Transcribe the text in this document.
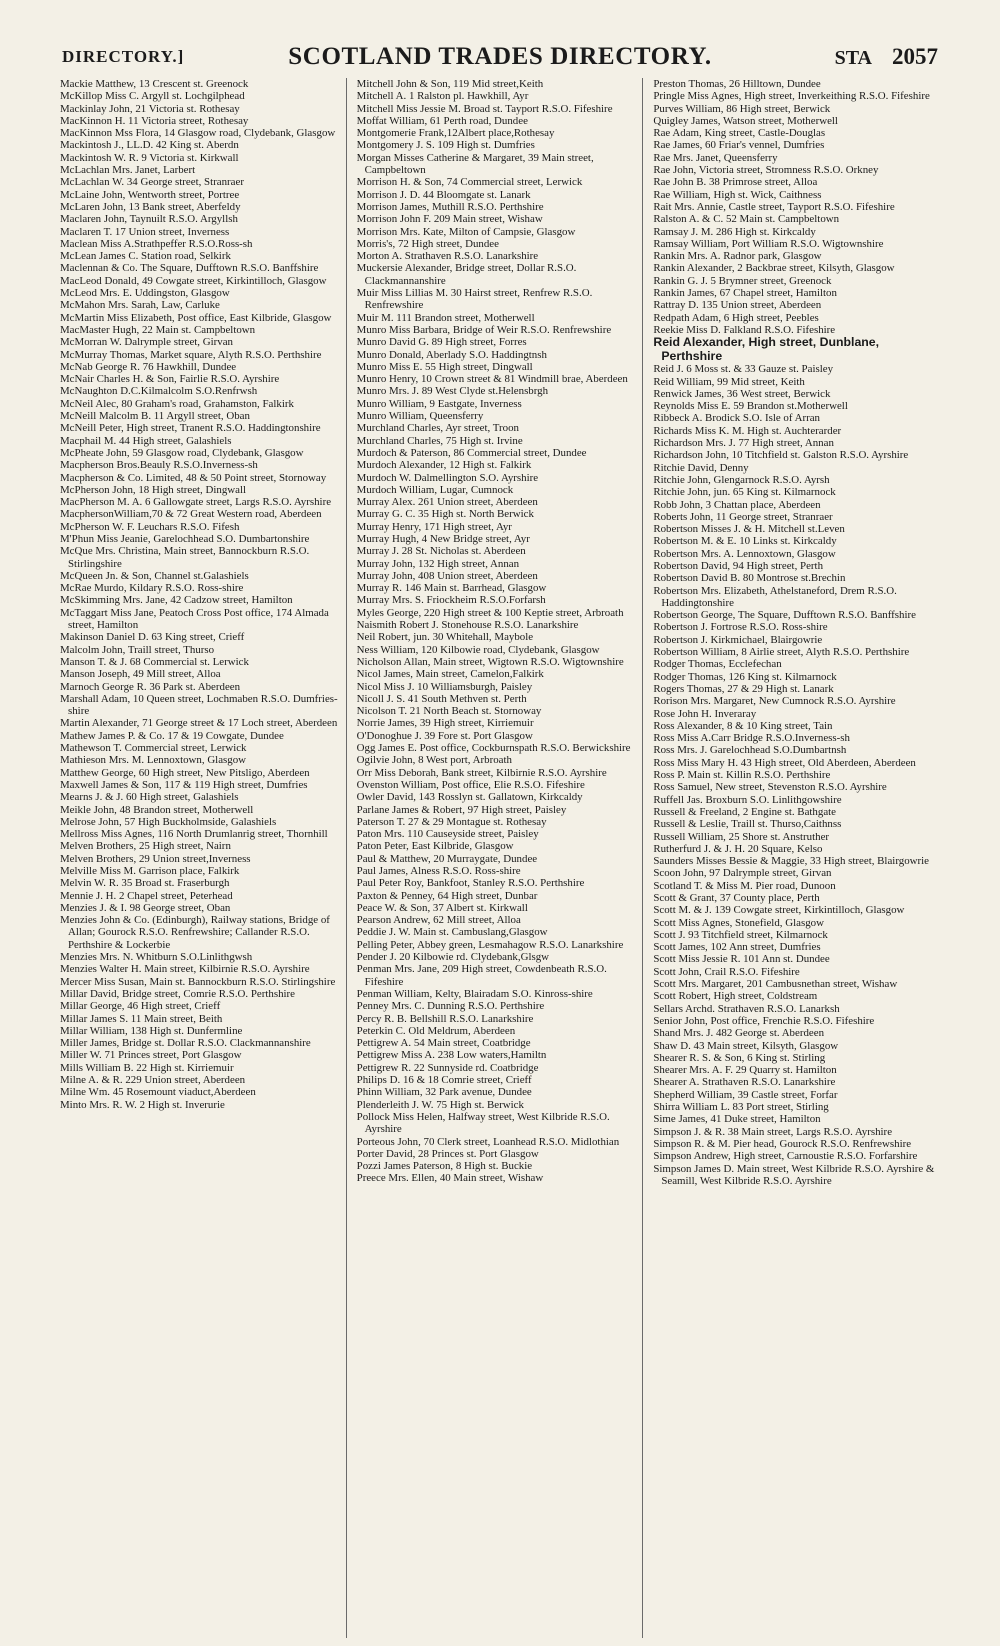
DIRECTORY.]	SCOTLAND TRADES DIRECTORY.	STA 2057

Mackie Matthew, 13 Crescent st. Greenock

McKillop Miss C. Argyll st. Lochgilphead

Mackinlay John, 21 Victoria st. Rothesay

MacKinnon H. 11 Victoria street, Rothesay

MacKinnon Mss Flora, 14 Glasgow road, Clydebank, Glasgow

Mackintosh J., LL.D. 42 King st. Aberdn

Mackintosh W. R. 9 Victoria st. Kirkwall

McLachlan Mrs. Janet, Larbert

McLachlan W. 34 George street, Stranraer

McLaine John, Wentworth street, Portree

McLaren John, 13 Bank street, Aberfeldy

Maclaren John, Taynuilt R.S.O. Argyllsh

Maclaren T. 17 Union street, Inverness

Maclean Miss A.Strathpeffer R.S.O.Ross-sh

McLean James C. Station road, Selkirk

Maclennan & Co. The Square, Dufftown R.S.O. Banffshire

MacLeod Donald, 49 Cowgate street, Kirkintilloch, Glasgow

McLeod Mrs. E. Uddingston, Glasgow

McMahon Mrs. Sarah, Law, Carluke

McMartin Miss Elizabeth, Post office, East Kilbride, Glasgow

MacMaster Hugh, 22 Main st. Campbeltown

McMorran W. Dalrymple street, Girvan

McMurray Thomas, Market square, Alyth R.S.O. Perthshire

McNab George R. 76 Hawkhill, Dundee

McNair Charles H. & Son, Fairlie R.S.O. Ayrshire

McNaughton D.C.Kilmalcolm S.O.Renfrwsh

McNeil Alec, 80 Graham's road, Grahamston, Falkirk

McNeill Malcolm B. 11 Argyll street, Oban

McNeill Peter, High street, Tranent R.S.O. Haddingtonshire

Macphail M. 44 High street, Galashiels

McPheate John, 59 Glasgow road, Clydebank, Glasgow

Macpherson Bros.Beauly R.S.O.Inverness-sh

Macpherson & Co. Limited, 48 & 50 Point street, Stornoway

McPherson John, 18 High street, Dingwall

MacPherson M. A. 6 Gallowgate street, Largs R.S.O. Ayrshire

MacphersonWilliam,70 & 72 Great Western road, Aberdeen

McPherson W. F. Leuchars R.S.O. Fifesh

M'Phun Miss Jeanie, Garelochhead S.O. Dumbartonshire

McQue Mrs. Christina, Main street, Bannockburn R.S.O. Stirlingshire

McQueen Jn. & Son, Channel st.Galashiels

McRae Murdo, Kildary R.S.O. Ross-shire

McSkimming Mrs. Jane, 42 Cadzow street, Hamilton

McTaggart Miss Jane, Peatoch Cross Post office, 174 Almada street, Hamilton

Makinson Daniel D. 63 King street, Crieff

Malcolm John, Traill street, Thurso

Manson T. & J. 68 Commercial st. Lerwick

Manson Joseph, 49 Mill street, Alloa

Marnoch George R. 36 Park st. Aberdeen

Marshall Adam, 10 Queen street, Lochmaben R.S.O. Dumfries-shire

Martin Alexander, 71 George street & 17 Loch street, Aberdeen

Mathew James P. & Co. 17 & 19 Cowgate, Dundee

Mathewson T. Commercial street, Lerwick

Mathieson Mrs. M. Lennoxtown, Glasgow

Matthew George, 60 High street, New Pitsligo, Aberdeen

Maxwell James & Son, 117 & 119 High street, Dumfries

Mearns J. & J. 60 High street, Galashiels

Meikle John, 48 Brandon street, Motherwell

Melrose John, 57 High Buckholmside, Galashiels

Mellross Miss Agnes, 116 North Drumlanrig street, Thornhill

Melven Brothers, 25 High street, Nairn

Melven Brothers, 29 Union street,Inverness

Melville Miss M. Garrison place, Falkirk

Melvin W. R. 35 Broad st. Fraserburgh

Mennie J. H. 2 Chapel street, Peterhead

Menzies J. & I. 98 George street, Oban

Menzies John & Co. (Edinburgh), Railway stations, Bridge of Allan; Gourock R.S.O. Renfrewshire; Callander R.S.O. Perthshire & Lockerbie

Menzies Mrs. N. Whitburn S.O.Linlithgwsh

Menzies Walter H. Main street, Kilbirnie R.S.O. Ayrshire

Mercer Miss Susan, Main st. Bannockburn R.S.O. Stirlingshire

Millar David, Bridge street, Comrie R.S.O. Perthshire

Millar George, 46 High street, Crieff

Millar James S. 11 Main street, Beith

Millar William, 138 High st. Dunfermline

Miller James, Bridge st. Dollar R.S.O. Clackmannanshire

Miller W. 71 Princes street, Port Glasgow

Mills William B. 22 High st. Kirriemuir

Milne A. & R. 229 Union street, Aberdeen

Milne Wm. 45 Rosemount viaduct,Aberdeen

Minto Mrs. R. W. 2 High st. Inverurie

Mitchell John & Son, 119 Mid street,Keith

Mitchell A. 1 Ralston pl. Hawkhill, Ayr

Mitchell Miss Jessie M. Broad st. Tayport R.S.O. Fifeshire

Moffat William, 61 Perth road, Dundee

Montgomerie Frank,12Albert place,Rothesay

Montgomery J. S. 109 High st. Dumfries

Morgan Misses Catherine & Margaret, 39 Main street, Campbeltown

Morrison H. & Son, 74 Commercial street, Lerwick

Morrison J. D. 44 Bloomgate st. Lanark

Morrison James, Muthill R.S.O. Perthshire

Morrison John F. 209 Main street, Wishaw

Morrison Mrs. Kate, Milton of Campsie, Glasgow

Morris's, 72 High street, Dundee

Morton A. Strathaven R.S.O. Lanarkshire

Muckersie Alexander, Bridge street, Dollar R.S.O. Clackmannanshire

Muir Miss Lillias M. 30 Hairst street, Renfrew R.S.O. Renfrewshire

Muir M. 111 Brandon street, Motherwell

Munro Miss Barbara, Bridge of Weir R.S.O. Renfrewshire

Munro David G. 89 High street, Forres

Munro Donald, Aberlady S.O. Haddingtnsh

Munro Miss E. 55 High street, Dingwall

Munro Henry, 10 Crown street & 81 Windmill brae, Aberdeen

Munro Mrs. J. 89 West Clyde st.Helensbrgh

Munro William, 9 Eastgate, Inverness

Munro William, Queensferry

Murchland Charles, Ayr street, Troon

Murchland Charles, 75 High st. Irvine

Murdoch & Paterson, 86 Commercial street, Dundee

Murdoch Alexander, 12 High st. Falkirk

Murdoch W. Dalmellington S.O. Ayrshire

Murdoch William, Lugar, Cumnock

Murray Alex. 261 Union street, Aberdeen

Murray G. C. 35 High st. North Berwick

Murray Henry, 171 High street, Ayr

Murray Hugh, 4 New Bridge street, Ayr

Murray J. 28 St. Nicholas st. Aberdeen

Murray John, 132 High street, Annan

Murray John, 408 Union street, Aberdeen

Murray R. 146 Main st. Barrhead, Glasgow

Murray Mrs. S. Friockheim R.S.O.Forfarsh

Myles George, 220 High street & 100 Keptie street, Arbroath

Naismith Robert J. Stonehouse R.S.O. Lanarkshire

Neil Robert, jun. 30 Whitehall, Maybole

Ness William, 120 Kilbowie road, Clydebank, Glasgow

Nicholson Allan, Main street, Wigtown R.S.O. Wigtownshire

Nicol James, Main street, Camelon,Falkirk

Nicol Miss J. 10 Williamsburgh, Paisley

Nicoll J. S. 41 South Methven st. Perth

Nicolson T. 21 North Beach st. Stornoway

Norrie James, 39 High street, Kirriemuir

O'Donoghue J. 39 Fore st. Port Glasgow

Ogg James E. Post office, Cockburnspath R.S.O. Berwickshire

Ogilvie John, 8 West port, Arbroath

Orr Miss Deborah, Bank street, Kilbirnie R.S.O. Ayrshire

Ovenston William, Post office, Elie R.S.O. Fifeshire

Owler David, 143 Rosslyn st. Gallatown, Kirkcaldy

Parlane James & Robert, 97 High street, Paisley

Paterson T. 27 & 29 Montague st. Rothesay

Paton Mrs. 110 Causeyside street, Paisley

Paton Peter, East Kilbride, Glasgow

Paul & Matthew, 20 Murraygate, Dundee

Paul James, Alness R.S.O. Ross-shire

Paul Peter Roy, Bankfoot, Stanley R.S.O. Perthshire

Paxton & Penney, 64 High street, Dunbar

Peace W. & Son, 37 Albert st. Kirkwall

Pearson Andrew, 62 Mill street, Alloa

Peddie J. W. Main st. Cambuslang,Glasgow

Pelling Peter, Abbey green, Lesmahagow R.S.O. Lanarkshire

Pender J. 20 Kilbowie rd. Clydebank,Glsgw

Penman Mrs. Jane, 209 High street, Cowdenbeath R.S.O. Fifeshire

Penman William, Kelty, Blairadam S.O. Kinross-shire

Penney Mrs. C. Dunning R.S.O. Perthshire

Percy R. B. Bellshill R.S.O. Lanarkshire

Peterkin C. Old Meldrum, Aberdeen

Pettigrew A. 54 Main street, Coatbridge

Pettigrew Miss A. 238 Low waters,Hamiltn

Pettigrew R. 22 Sunnyside rd. Coatbridge

Philips D. 16 & 18 Comrie street, Crieff

Phinn William, 32 Park avenue, Dundee

Plenderleith J. W. 75 High st. Berwick

Pollock Miss Helen, Halfway street, West Kilbride R.S.O. Ayrshire

Porteous John, 70 Clerk street, Loanhead R.S.O. Midlothian

Porter David, 28 Princes st. Port Glasgow

Pozzi James Paterson, 8 High st. Buckie

Preece Mrs. Ellen, 40 Main street, Wishaw

Preston Thomas, 26 Hilltown, Dundee

Pringle Miss Agnes, High street, Inverkeithing R.S.O. Fifeshire

Purves William, 86 High street, Berwick

Quigley James, Watson street, Motherwell

Rae Adam, King street, Castle-Douglas

Rae James, 60 Friar's vennel, Dumfries

Rae Mrs. Janet, Queensferry

Rae John, Victoria street, Stromness R.S.O. Orkney

Rae John B. 38 Primrose street, Alloa

Rae William, High st. Wick, Caithness

Rait Mrs. Annie, Castle street, Tayport R.S.O. Fifeshire

Ralston A. & C. 52 Main st. Campbeltown

Ramsay J. M. 286 High st. Kirkcaldy

Ramsay William, Port William R.S.O. Wigtownshire

Rankin Mrs. A. Radnor park, Glasgow

Rankin Alexander, 2 Backbrae street, Kilsyth, Glasgow

Rankin G. J. 5 Brymner street, Greenock

Rankin James, 67 Chapel street, Hamilton

Rattray D. 135 Union street, Aberdeen

Redpath Adam, 6 High street, Peebles

Reekie Miss D. Falkland R.S.O. Fifeshire

Reid Alexander, High street, Dunblane, Perthshire

Reid J. 6 Moss st. & 33 Gauze st. Paisley

Reid William, 99 Mid street, Keith

Renwick James, 36 West street, Berwick

Reynolds Miss E. 59 Brandon st.Motherwell

Ribbeck A. Brodick S.O. Isle of Arran

Richards Miss K. M. High st. Auchterarder

Richardson Mrs. J. 77 High street, Annan

Richardson John, 10 Titchfield st. Galston R.S.O. Ayrshire

Ritchie David, Denny

Ritchie John, Glengarnock R.S.O. Ayrsh

Ritchie John, jun. 65 King st. Kilmarnock

Robb John, 3 Chattan place, Aberdeen

Roberts John, 11 George street, Stranraer

Robertson Misses J. & H. Mitchell st.Leven

Robertson M. & E. 10 Links st. Kirkcaldy

Robertson Mrs. A. Lennoxtown, Glasgow

Robertson David, 94 High street, Perth

Robertson David B. 80 Montrose st.Brechin

Robertson Mrs. Elizabeth, Athelstaneford, Drem R.S.O. Haddingtonshire

Robertson George, The Square, Dufftown R.S.O. Banffshire

Robertson J. Fortrose R.S.O. Ross-shire

Robertson J. Kirkmichael, Blairgowrie

Robertson William, 8 Airlie street, Alyth R.S.O. Perthshire

Rodger Thomas, Ecclefechan

Rodger Thomas, 126 King st. Kilmarnock

Rogers Thomas, 27 & 29 High st. Lanark

Rorison Mrs. Margaret, New Cumnock R.S.O. Ayrshire

Rose John H. Inveraray

Ross Alexander, 8 & 10 King street, Tain

Ross Miss A.Carr Bridge R.S.O.Inverness-sh

Ross Mrs. J. Garelochhead S.O.Dumbartnsh

Ross Miss Mary H. 43 High street, Old Aberdeen, Aberdeen

Ross P. Main st. Killin R.S.O. Perthshire

Ross Samuel, New street, Stevenston R.S.O. Ayrshire

Ruffell Jas. Broxburn S.O. Linlithgowshire

Russell & Freeland, 2 Engine st. Bathgate

Russell & Leslie, Traill st. Thurso,Caithnss

Russell William, 25 Shore st. Anstruther

Rutherfurd J. & J. H. 20 Square, Kelso

Saunders Misses Bessie & Maggie, 33 High street, Blairgowrie

Scoon John, 97 Dalrymple street, Girvan

Scotland T. & Miss M. Pier road, Dunoon

Scott & Grant, 37 County place, Perth

Scott M. & J. 139 Cowgate street, Kirkintilloch, Glasgow

Scott Miss Agnes, Stonefield, Glasgow

Scott J. 93 Titchfield street, Kilmarnock

Scott James, 102 Ann street, Dumfries

Scott Miss Jessie R. 101 Ann st. Dundee

Scott John, Crail R.S.O. Fifeshire

Scott Mrs. Margaret, 201 Cambusnethan street, Wishaw

Scott Robert, High street, Coldstream

Sellars Archd. Strathaven R.S.O. Lanarksh

Senior John, Post office, Frenchie R.S.O. Fifeshire

Shand Mrs. J. 482 George st. Aberdeen

Shaw D. 43 Main street, Kilsyth, Glasgow

Shearer R. S. & Son, 6 King st. Stirling

Shearer Mrs. A. F. 29 Quarry st. Hamilton

Shearer A. Strathaven R.S.O. Lanarkshire

Shepherd William, 39 Castle street, Forfar

Shirra William L. 83 Port street, Stirling

Sime James, 41 Duke street, Hamilton

Simpson J. & R. 38 Main street, Largs R.S.O. Ayrshire

Simpson R. & M. Pier head, Gourock R.S.O. Renfrewshire

Simpson Andrew, High street, Carnoustie R.S.O. Forfarshire

Simpson James D. Main street, West Kilbride R.S.O. Ayrshire & Seamill, West Kilbride R.S.O. Ayrshire
